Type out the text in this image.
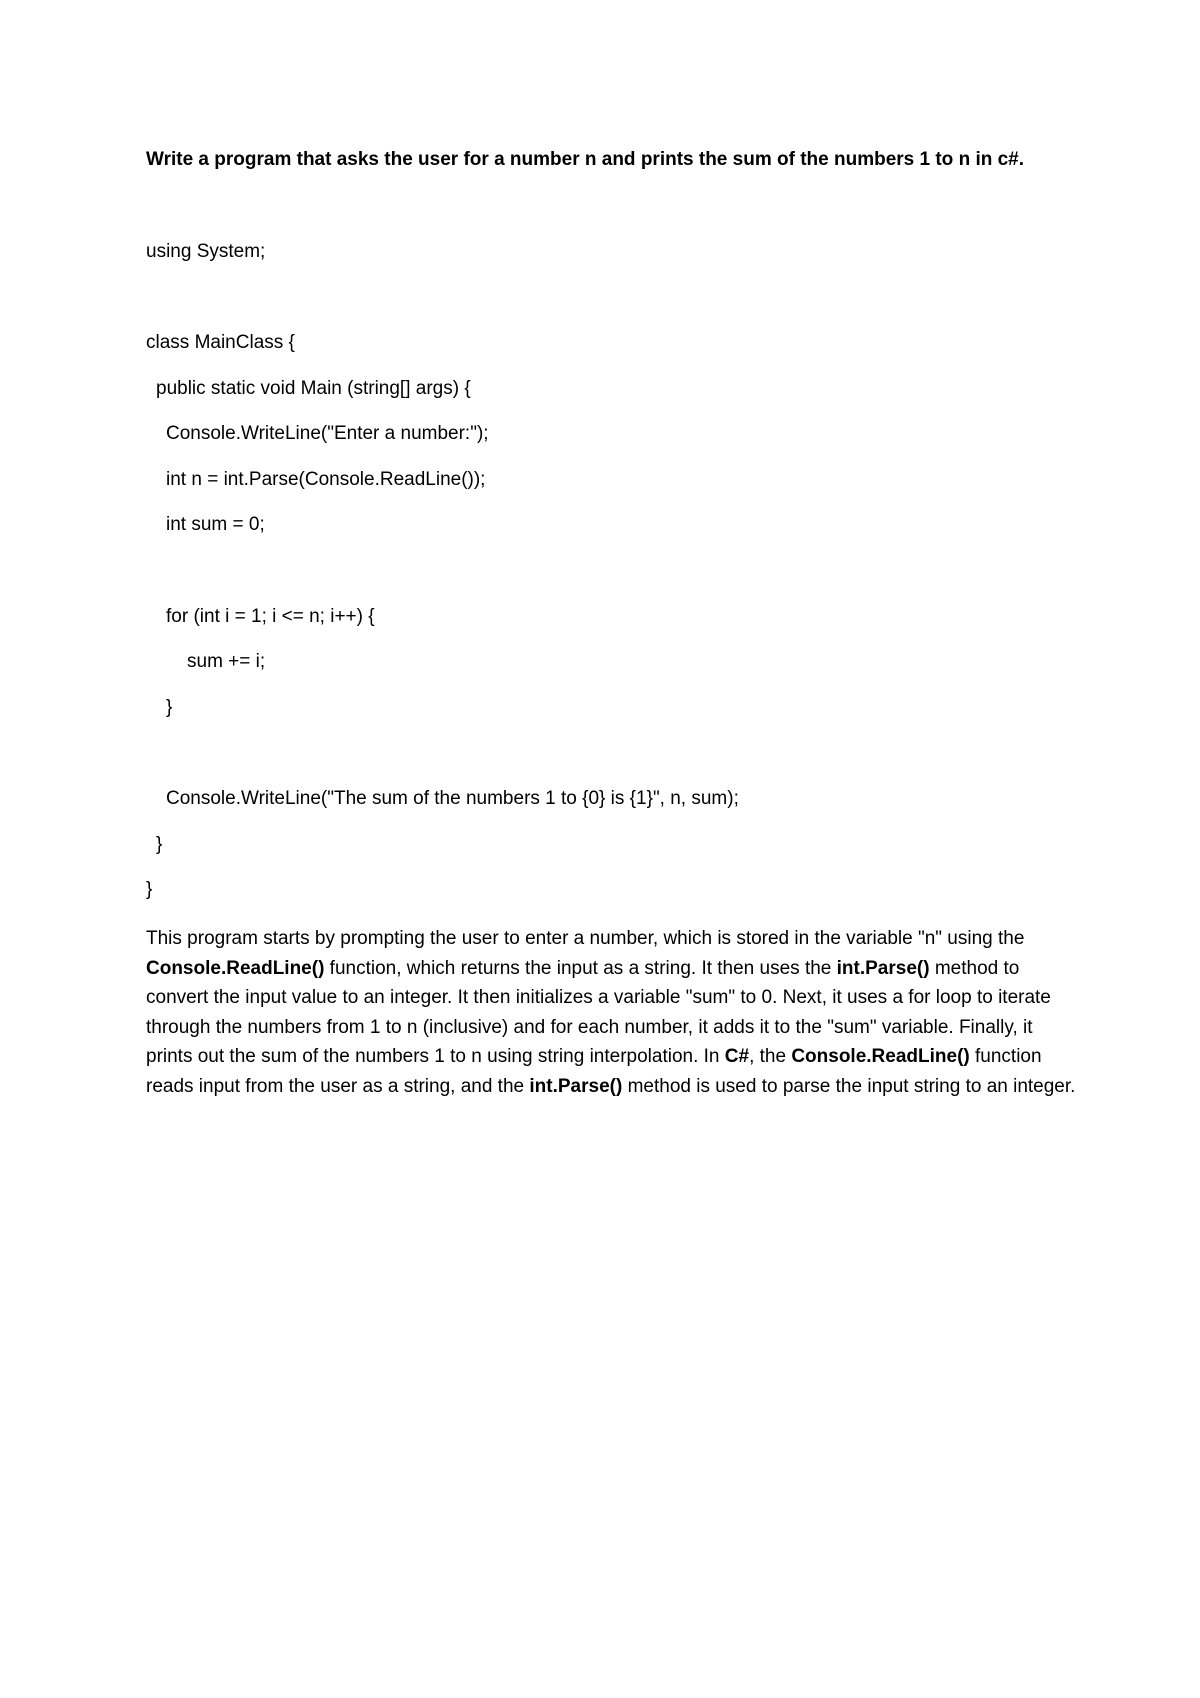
Write a program that asks the user for a number n and prints the sum of the numbers 1 to n in c#.
using System;
class MainClass {
public static void Main (string[] args) {
Console.WriteLine("Enter a number:");
int n = int.Parse(Console.ReadLine());
int sum = 0;
for (int i = 1; i <= n; i++) {
sum += i;
}
Console.WriteLine("The sum of the numbers 1 to {0} is {1}", n, sum);
}
}
This program starts by prompting the user to enter a number, which is stored in the variable "n" using the Console.ReadLine() function, which returns the input as a string. It then uses the int.Parse() method to convert the input value to an integer. It then initializes a variable "sum" to 0. Next, it uses a for loop to iterate through the numbers from 1 to n (inclusive) and for each number, it adds it to the "sum" variable. Finally, it prints out the sum of the numbers 1 to n using string interpolation. In C#, the Console.ReadLine() function reads input from the user as a string, and the int.Parse() method is used to parse the input string to an integer.
